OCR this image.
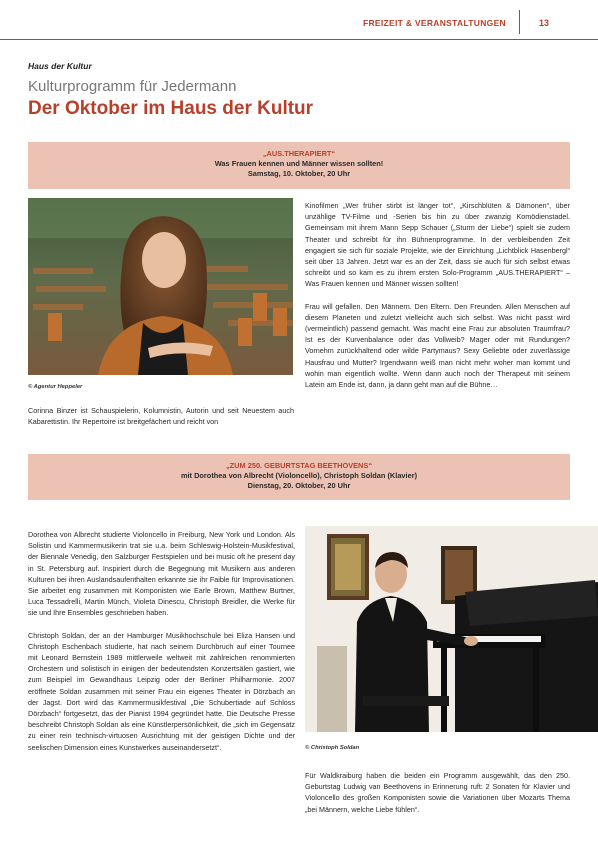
FREIZEIT & VERANSTALTUNGEN	13
Haus der Kultur
Kulturprogramm für Jedermann
Der Oktober im Haus der Kultur
„AUS.THERAPIERT“
Was Frauen kennen und Männer wissen sollten!
Samstag, 10. Oktober, 20 Uhr
© Agentur Heppeler

Corinna Binzer ist Schauspielerin, Kolumnistin, Autorin und seit Neuestem auch Kabarettistin. Ihr Repertoire ist breitgefächert und reicht von

Kinofilmen „Wer früher stirbt ist länger tot“, „Kirschblüten & Dämonen“, über unzählige TV-Filme und -Serien bis hin zu über zwanzig Komödienstadel. Gemeinsam mit ihrem Mann Sepp Schauer („Sturm der Liebe“) spielt sie zudem Theater und schreibt für ihn Bühnenprogramme. In der verbleibenden Zeit engagiert sie sich für soziale Projekte, wie der Einrichtung „Lichtblick Hasenbergl“ seit über 13 Jahren. Jetzt war es an der Zeit, dass sie auch für sich selbst etwas schreibt und so kam es zu ihrem ersten Solo-Programm „AUS.THERAPIERT“ – Was Frauen kennen und Männer wissen sollten!

Frau will gefallen. Den Männern. Den Eltern. Den Freunden. Allen Menschen auf diesem Planeten und zuletzt vielleicht auch sich selbst. Was nicht passt wird (vermeintlich) passend gemacht. Was macht eine Frau zur absoluten Traumfrau? Ist es der Kurvenbalance oder das Vollweib? Mager oder mit Rundungen? Vornehm zurückhaltend oder wilde Partymaus? Sexy Geliebte oder zuverlässige Hausfrau und Mutter? Irgendwann weiß man nicht mehr woher man kommt und wohin man eigentlich wollte. Wenn dann auch noch der Therapeut mit seinem Latein am Ende ist, dann, ja dann geht man auf die Bühne…

„ZUM 250. GEBURTSTAG BEETHOVENS“
mit Dorothea von Albrecht (Violoncello), Christoph Soldan (Klavier)
Dienstag, 20. Oktober, 20 Uhr

Dorothea von Albrecht studierte Violoncello in Freiburg, New York und London. Als Solistin und Kammermusikerin trat sie u.a. beim Schleswig-Holstein-Musikfestival, der Biennale Venedig, den Salzburger Festspielen und bei music oft he present day in St. Petersburg auf. Inspiriert durch die Begegnung mit Musikern aus anderen Kulturen bei ihren Auslandsaufenthalten erkannte sie ihr Faible für Improvisationen. Sie arbeitet eng zusammen mit Komponisten wie Earle Brown, Matthew Burtner, Luca Tessadrelli, Martin Münch, Violeta Dinescu, Christoph Breidler, die Werke für sie und Ihre Ensembles geschrieben haben.

Christoph Soldan, der an der Hamburger Musikhochschule bei Eliza Hansen und Christoph Eschenbach studierte, hat nach seinem Durchbruch auf einer Tournee mit Leonard Bernstein 1989 mittlerweile weltweit mit zahlreichen renommierten Orchestern und solistisch in einigen der bedeutendsten Konzertsälen gastiert, wie zum Beispiel im Gewandhaus Leipzig oder der Berliner Philharmonie. 2007 eröffnete Soldan zusammen mit seiner Frau ein eigenes Theater in Dörzbach an der Jagst. Dort wird das Kammermusikfestival „Die Schubertiade auf Schloss Dörzbach“ fortgesetzt, das der Pianist 1994 gegründet hatte. Die Deutsche Presse beschreibt Christoph Soldan als eine Künstlerpersönlichkeit, die „sich im Gegensatz zu einer rein technisch-virtuosen Ausrichtung mit der geistigen Dichte und der seelischen Dimension eines Kunstwerkes auseinandersetzt“.	© Christoph Soldan

Für Waldkraiburg haben die beiden ein Programm ausgewählt, das den 250. Geburtstag Ludwig van Beethovens in Erinnerung ruft: 2 Sonaten für Klavier und Violoncello des großen Komponisten sowie die Variationen über Mozarts Thema „bei Männern, welche Liebe fühlen“.
